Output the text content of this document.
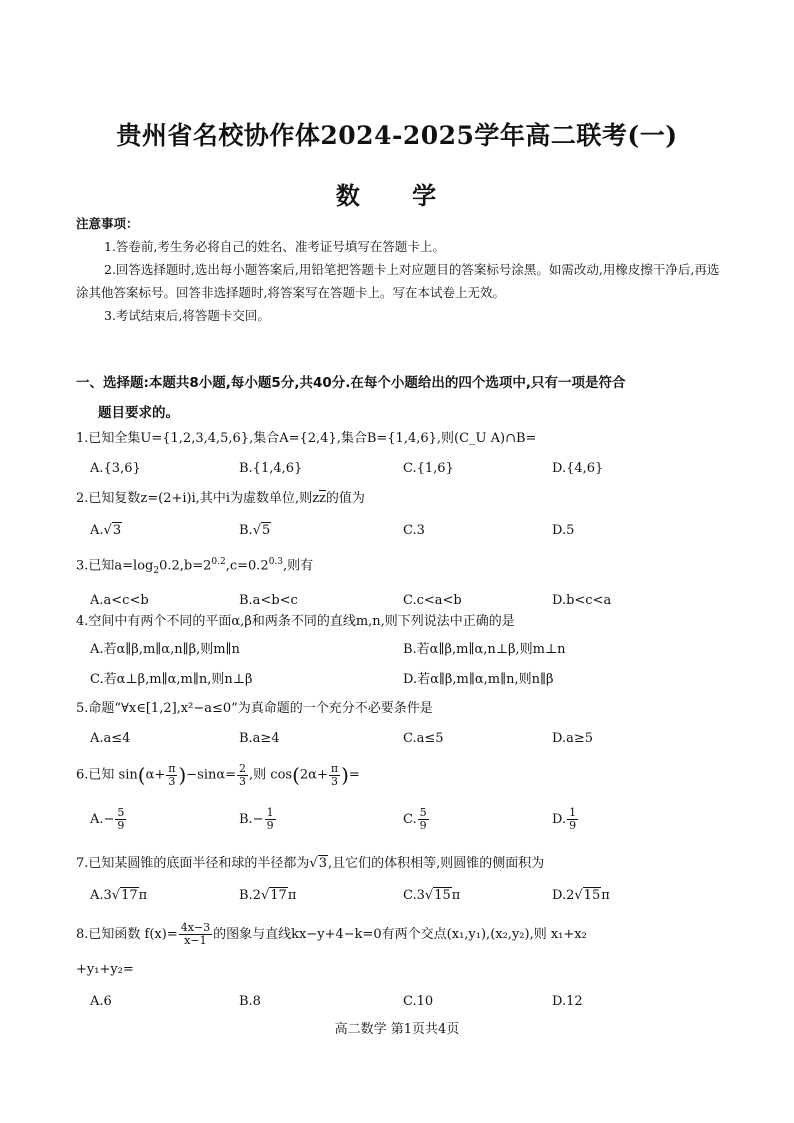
贵州省名校协作体2024-2025学年高二联考(一)
数 学
注意事项：
1.答卷前,考生务必将自己的姓名、准考证号填写在答题卡上。
2.回答选择题时,选出每小题答案后,用铅笔把答题卡上对应题目的答案标号涂黑。如需改动,用橡皮擦干净后,再选涂其他答案标号。回答非选择题时,将答案写在答题卡上。写在本试卷上无效。
3.考试结束后,将答题卡交回。
一、选择题:本题共8小题,每小题5分,共40分.在每个小题给出的四个选项中,只有一项是符合
题目要求的。
1.已知全集U={1,2,3,4,5,6},集合A={2,4},集合B={1,4,6},则(C_U A)∩B=
A.{3,6}	B.{1,4,6}	C.{1,6}	D.{4,6}
2.已知复数z=(2+i)i,其中i为虚数单位,则$z\overline{z}$的值为
A.√3	B.√5	C.3	D.5
3.已知$a=\log_20.2,b=2^{0.2},c=0.2^{0.3}$,则有
A.a<c<b	B.a<b<c	C.c<a<b	D.b<c<a
4.空间中有两个不同的平面α,β和两条不同的直线m,n,则下列说法中正确的是
A.若α∥β,m∥α,n∥β,则m∥n	B.若α∥β,m∥α,n⊥β,则m⊥n
C.若α⊥β,m∥α,m∥n,则n⊥β	D.若α∥β,m∥α,m∥n,则n∥β
5.命题“∀x∈[1,2],x²−a≤0”为真命题的一个充分不必要条件是
A.a≤4	B.a≥4	C.a≤5	D.a≥5
6.已知 $\sin(\alpha+ \frac{\pi}{3} )-\sin\alpha= \frac{2}{3}$ ,则 $\cos(2\alpha+ \frac{\pi}{3}$ )=
$A.- \frac{5}{9}$	$B.- \frac{1}{9}$	C. $\frac{5}{9}$	D. $\frac{1}{9}$
7.已知某圆锥的底面半径和球的半径都为√3,且它们的体积相等,则圆锥的侧面积为
A.3√17π	B.2√17π	C.3√15π	D.2√15π
8.已知函数 $f(x)= \frac{4x-3}{x-1}$ 的图象与直线kx−y+4−k=0有两个交点(x₁,y₁),(x₂,y₂),则 x₁+x₂
+y₁+y₂=
A.6	B.8	C.10	D.12
高二数学 第1页共4页
